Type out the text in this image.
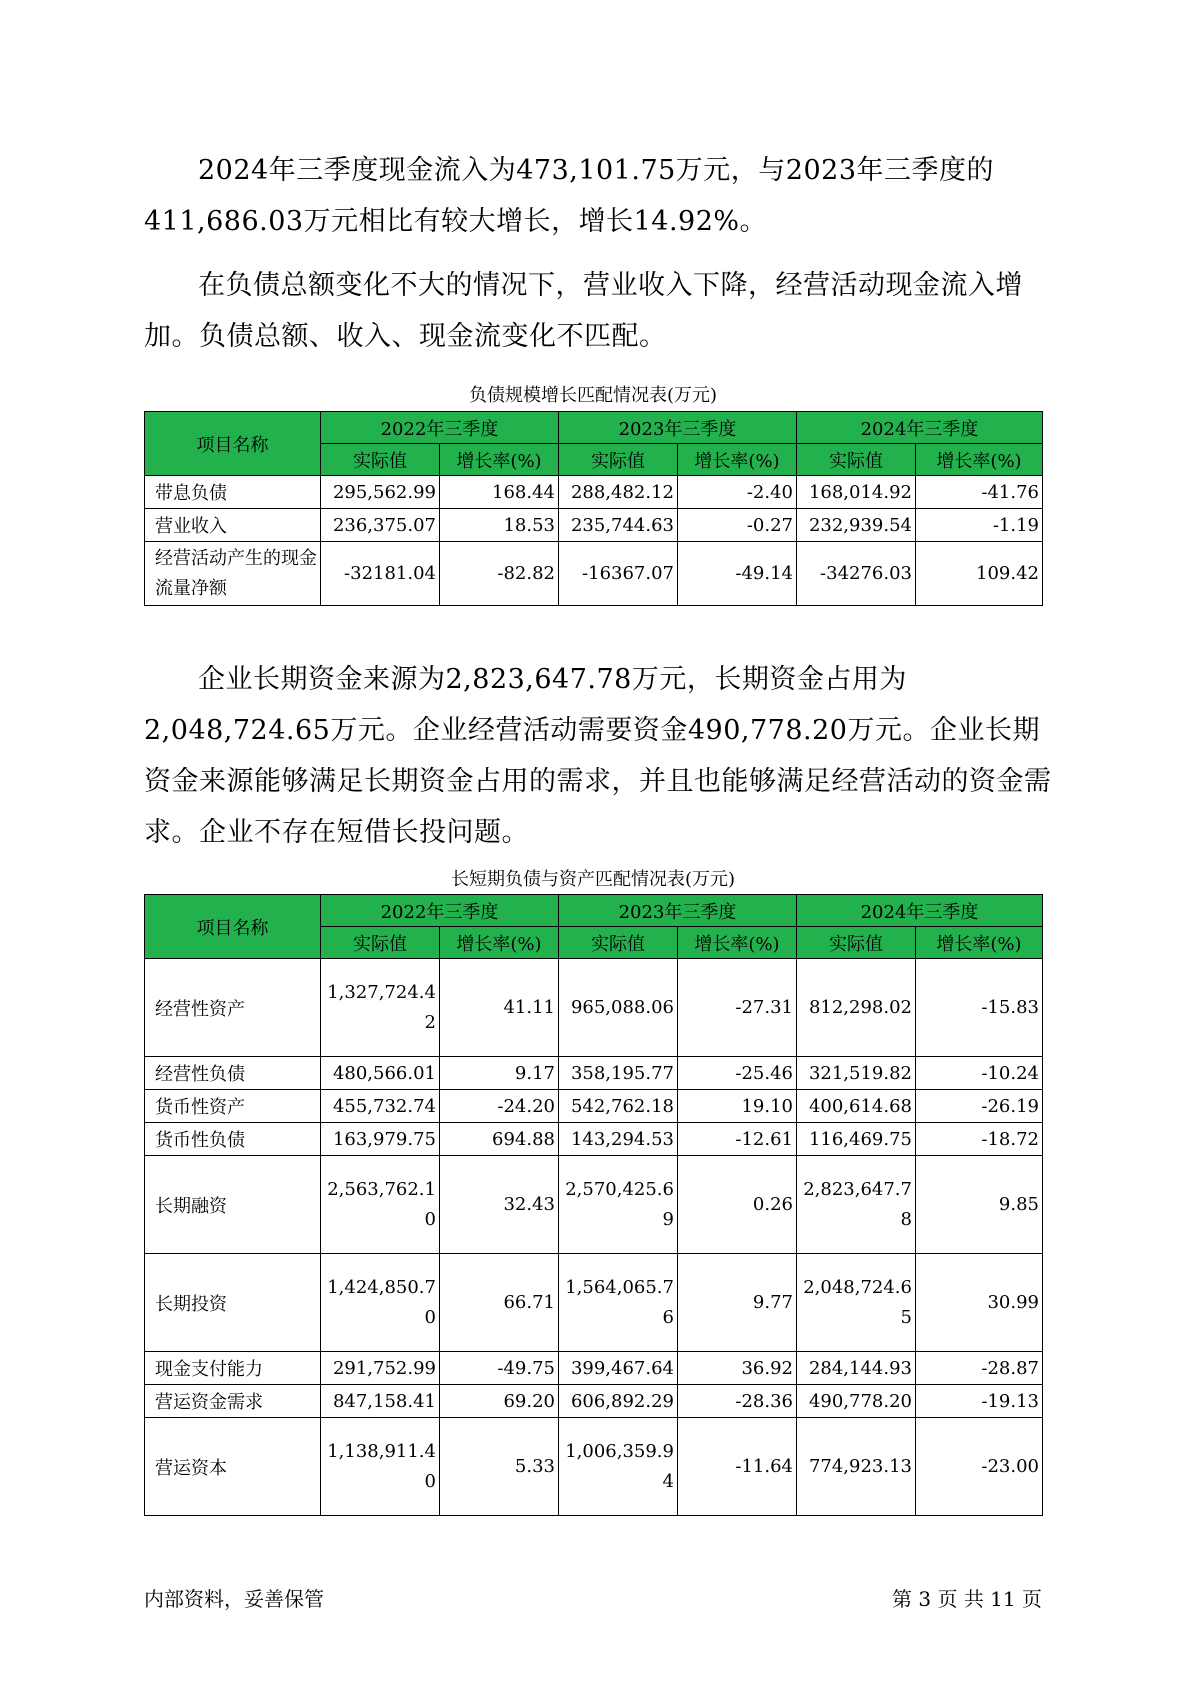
2024年三季度现金流入为473,101.75万元，与2023年三季度的411,686.03万元相比有较大增长，增长14.92%。

在负债总额变化不大的情况下，营业收入下降，经营活动现金流入增加。负债总额、收入、现金流变化不匹配。

负债规模增长匹配情况表(万元)
项目名称	2022年三季度		2023年三季度		2024年三季度	
	实际值	增长率(%)	实际值	增长率(%)	实际值	增长率(%)
带息负债	295,562.99	168.44	288,482.12	-2.40	168,014.92	-41.76
营业收入	236,375.07	18.53	235,744.63	-0.27	232,939.54	-1.19
经营活动产生的现金流量净额	-32181.04	-82.82	-16367.07	-49.14	-34276.03	109.42

企业长期资金来源为2,823,647.78万元，长期资金占用为2,048,724.65万元。企业经营活动需要资金490,778.20万元。企业长期资金来源能够满足长期资金占用的需求，并且也能够满足经营活动的资金需求。企业不存在短借长投问题。

长短期负债与资产匹配情况表(万元)
项目名称	2022年三季度		2023年三季度		2024年三季度	
	实际值	增长率(%)	实际值	增长率(%)	实际值	增长率(%)
经营性资产	1,327,724.42	41.11	965,088.06	-27.31	812,298.02	-15.83
经营性负债	480,566.01	9.17	358,195.77	-25.46	321,519.82	-10.24
货币性资产	455,732.74	-24.20	542,762.18	19.10	400,614.68	-26.19
货币性负债	163,979.75	694.88	143,294.53	-12.61	116,469.75	-18.72
长期融资	2,563,762.10	32.43	2,570,425.69	0.26	2,823,647.78	9.85
长期投资	1,424,850.70	66.71	1,564,065.76	9.77	2,048,724.65	30.99
现金支付能力	291,752.99	-49.75	399,467.64	36.92	284,144.93	-28.87
营运资金需求	847,158.41	69.20	606,892.29	-28.36	490,778.20	-19.13
营运资本	1,138,911.40	5.33	1,006,359.94	-11.64	774,923.13	-23.00
内部资料，妥善保管	第 3 页 共 11 页
